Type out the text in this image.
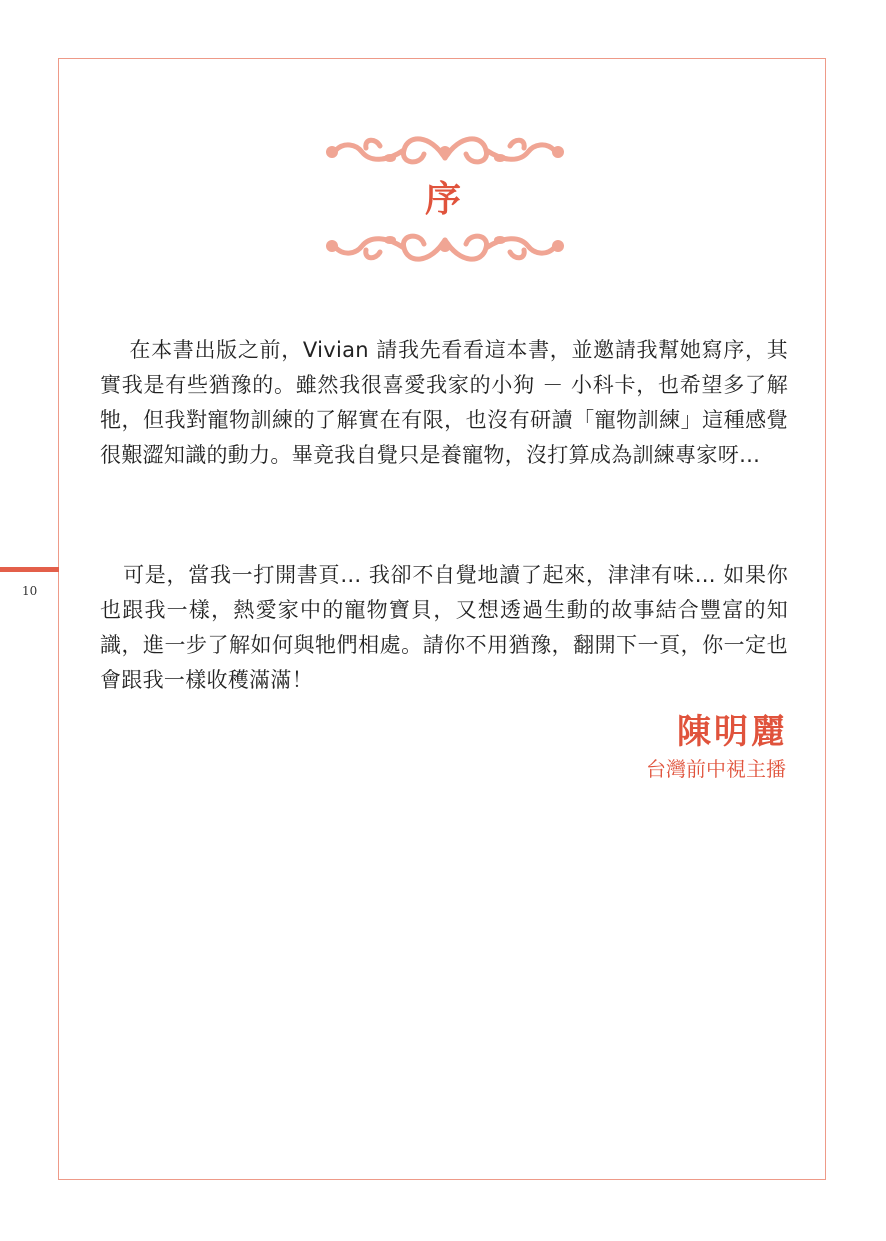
序

在本書出版之前，Vivian 請我先看看這本書，並邀請我幫她寫序，其實我是有些猶豫的。雖然我很喜愛我家的小狗 － 小科卡，也希望多了解牠，但我對寵物訓練的了解實在有限，也沒有研讀「寵物訓練」這種感覺很艱澀知識的動力。畢竟我自覺只是養寵物，沒打算成為訓練專家呀…

10

可是，當我一打開書頁… 我卻不自覺地讀了起來，津津有味… 如果你也跟我一樣，熱愛家中的寵物寶貝，又想透過生動的故事結合豐富的知識，進一步了解如何與牠們相處。請你不用猶豫，翻開下一頁，你一定也會跟我一樣收穫滿滿！

陳明麗
台灣前中視主播
